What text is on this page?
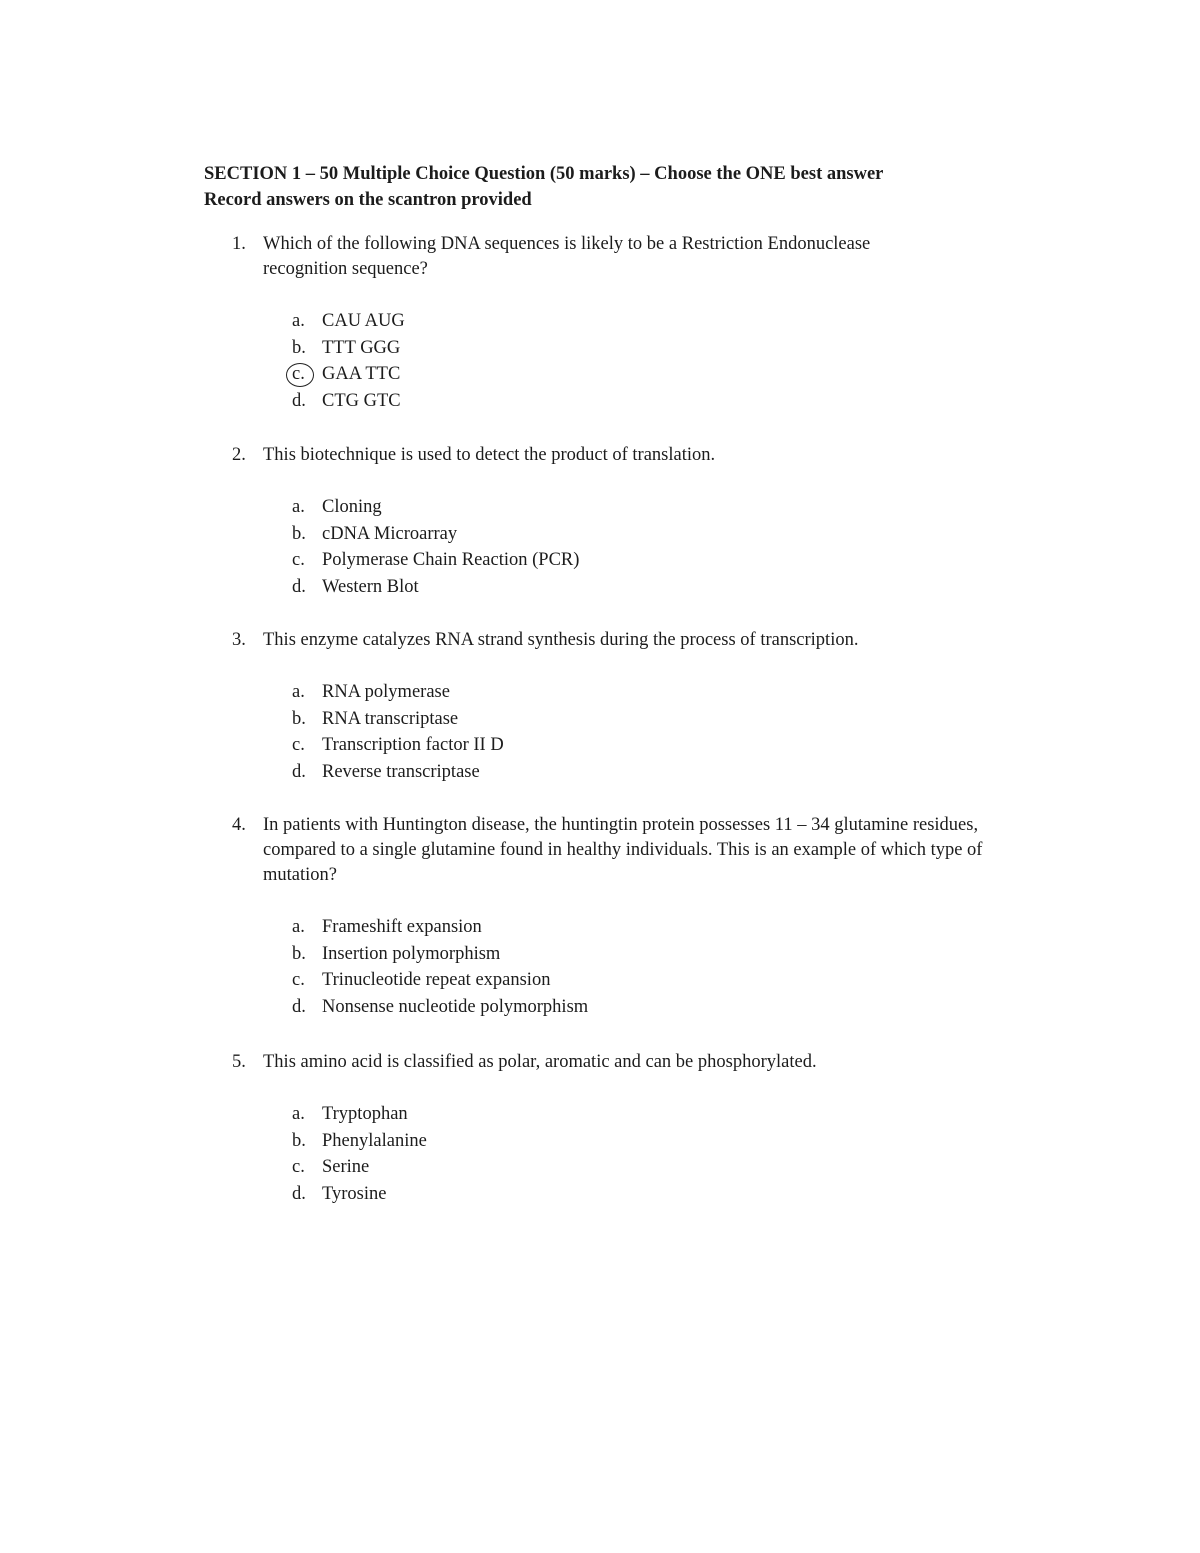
SECTION 1 – 50 Multiple Choice Question (50 marks) – Choose the ONE best answer
Record answers on the scantron provided
1. Which of the following DNA sequences is likely to be a Restriction Endonuclease recognition sequence?
a. CAU AUG
b. TTT GGG
c. GAA TTC
d. CTG GTC
2. This biotechnique is used to detect the product of translation.
a. Cloning
b. cDNA Microarray
c. Polymerase Chain Reaction (PCR)
d. Western Blot
3. This enzyme catalyzes RNA strand synthesis during the process of transcription.
a. RNA polymerase
b. RNA transcriptase
c. Transcription factor II D
d. Reverse transcriptase
4. In patients with Huntington disease, the huntingtin protein possesses 11 – 34 glutamine residues, compared to a single glutamine found in healthy individuals. This is an example of which type of mutation?
a. Frameshift expansion
b. Insertion polymorphism
c. Trinucleotide repeat expansion
d. Nonsense nucleotide polymorphism
5. This amino acid is classified as polar, aromatic and can be phosphorylated.
a. Tryptophan
b. Phenylalanine
c. Serine
d. Tyrosine
